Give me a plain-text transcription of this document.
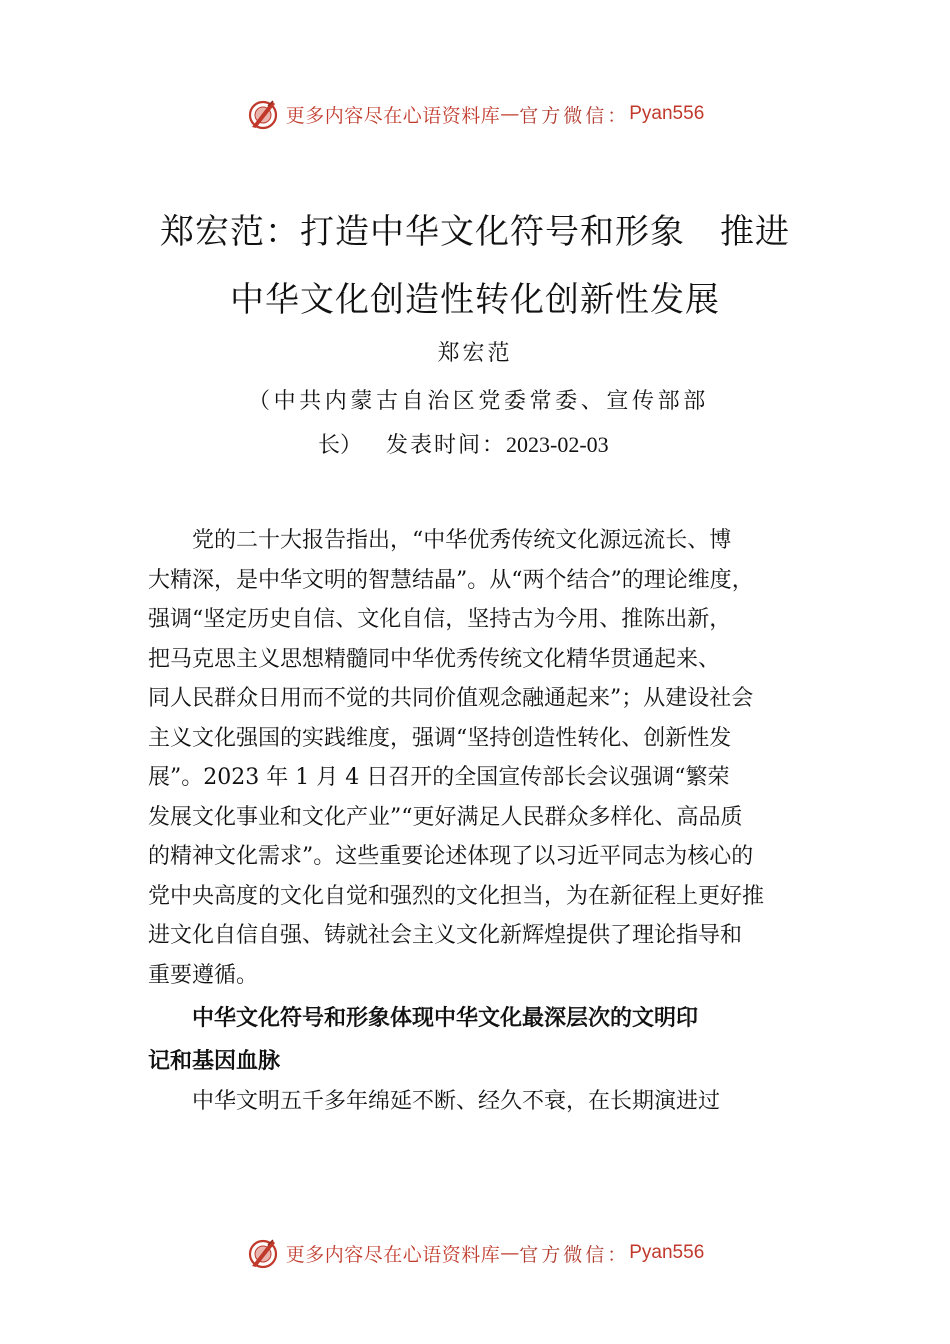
更多内容尽在心语资料库 — 官方微信： Pyan556
郑宏范：打造中华文化符号和形象　推进
中华文化创造性转化创新性发展
郑宏范
（中共内蒙古自治区党委常委、宣传部部
长） 发表时间：2023-02-03
　　党的二十大报告指出，“中华优秀传统文化源远流长、博
大精深，是中华文明的智慧结晶”。从“两个结合”的理论维度，
强调“坚定历史自信、文化自信，坚持古为今用、推陈出新，
把马克思主义思想精髓同中华优秀传统文化精华贯通起来、
同人民群众日用而不觉的共同价值观念融通起来”；从建设社会
主义文化强国的实践维度，强调“坚持创造性转化、创新性发
展”。2023 年 1 月 4 日召开的全国宣传部长会议强调“繁荣
发展文化事业和文化产业”“更好满足人民群众多样化、高品质
的精神文化需求”。这些重要论述体现了以习近平同志为核心的
党中央高度的文化自觉和强烈的文化担当，为在新征程上更好推
进文化自信自强、铸就社会主义文化新辉煌提供了理论指导和
重要遵循。
　　中华文化符号和形象体现中华文化最深层次的文明印
记和基因血脉
　　中华文明五千多年绵延不断、经久不衰，在长期演进过
更多内容尽在心语资料库 — 官方微信： Pyan556
